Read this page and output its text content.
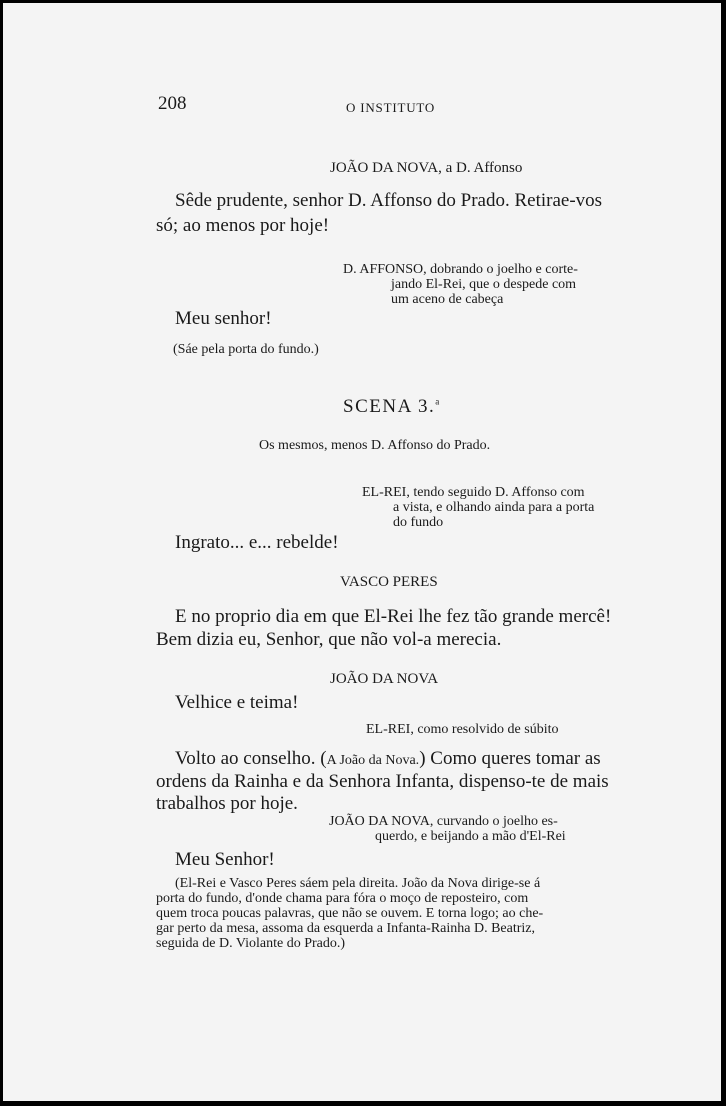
208	O INSTITUTO
JOÃO DA NOVA, a D. Affonso
Sêde prudente, senhor D. Affonso do Prado. Retirae-vos
só; ao menos por hoje!
D. AFFONSO, dobrando o joelho e corte-
jando El-Rei, que o despede com
um aceno de cabeça
Meu senhor!
(Sáe pela porta do fundo.)
SCENA 3.$^a$
Os mesmos, menos D. Affonso do Prado.
EL-REI, tendo seguido D. Affonso com
a vista, e olhando ainda para a porta
do fundo
Ingrato... e... rebelde!
VASCO PERES
E no proprio dia em que El-Rei lhe fez tão grande mercê!
Bem dizia eu, Senhor, que não vol-a merecia.
JOÃO DA NOVA
Velhice e teima!
EL-REI, como resolvido de súbito
Volto ao conselho. (A João da Nova.) Como queres tomar as
ordens da Rainha e da Senhora Infanta, dispenso-te de mais
trabalhos por hoje.
JOÃO DA NOVA, curvando o joelho es-
querdo, e beijando a mão d'El-Rei
Meu Senhor!
(El-Rei e Vasco Peres sáem pela direita. João da Nova dirige-se á
porta do fundo, d'onde chama para fóra o moço de reposteiro, com
quem troca poucas palavras, que não se ouvem. E torna logo; ao che-
gar perto da mesa, assoma da esquerda a Infanta-Rainha D. Beatriz,
seguida de D. Violante do Prado.)
